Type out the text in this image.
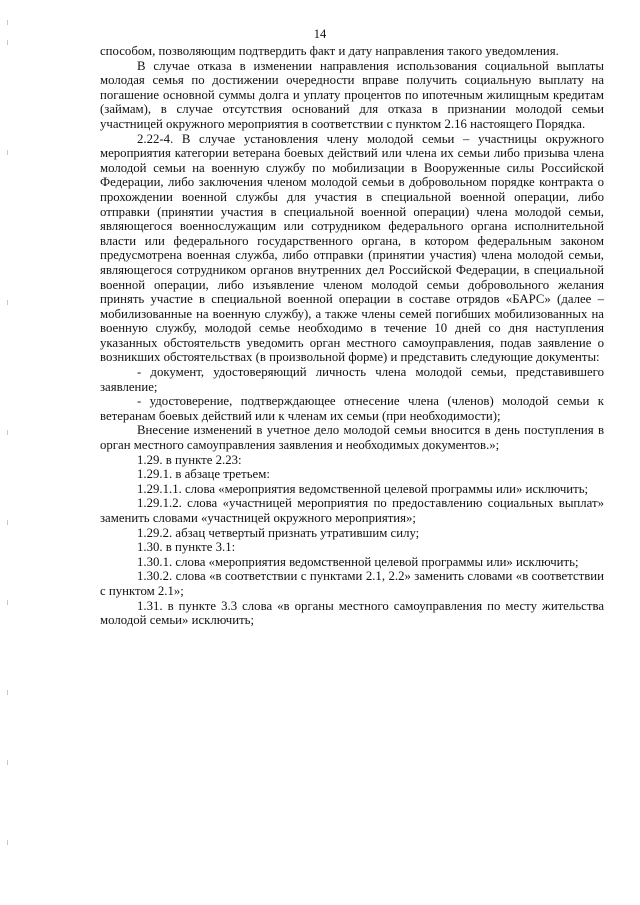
14

способом, позволяющим подтвердить факт и дату направления такого уведомления.

В случае отказа в изменении направления использования социальной выплаты молодая семья по достижении очередности вправе получить социальную выплату на погашение основной суммы долга и уплату процентов по ипотечным жилищным кредитам (займам), в случае отсутствия оснований для отказа в признании молодой семьи участницей окружного мероприятия в соответствии с пунктом 2.16 настоящего Порядка.

2.22-4. В случае установления члену молодой семьи – участницы окружного мероприятия категории ветерана боевых действий или члена их семьи либо призыва члена молодой семьи на военную службу по мобилизации в Вооруженные силы Российской Федерации, либо заключения членом молодой семьи в добровольном порядке контракта о прохождении военной службы для участия в специальной военной операции, либо отправки (принятии участия в специальной военной операции) члена молодой семьи, являющегося военнослужащим или сотрудником федерального органа исполнительной власти или федерального государственного органа, в котором федеральным законом предусмотрена военная служба, либо отправки (принятии участия) члена молодой семьи, являющегося сотрудником органов внутренних дел Российской Федерации, в специальной военной операции, либо изъявление членом молодой семьи добровольного желания принять участие в специальной военной операции в составе отрядов «БАРС» (далее – мобилизованные на военную службу), а также члены семей погибших мобилизованных на военную службу, молодой семье необходимо в течение 10 дней со дня наступления указанных обстоятельств уведомить орган местного самоуправления, подав заявление о возникших обстоятельствах (в произвольной форме) и представить следующие документы:

- документ, удостоверяющий личность члена молодой семьи, представившего заявление;

- удостоверение, подтверждающее отнесение члена (членов) молодой семьи к ветеранам боевых действий или к членам их семьи (при необходимости);

Внесение изменений в учетное дело молодой семьи вносится в день поступления в орган местного самоуправления заявления и необходимых документов.»;

1.29. в пункте 2.23:

1.29.1. в абзаце третьем:

1.29.1.1. слова «мероприятия ведомственной целевой программы или» исключить;

1.29.1.2. слова «участницей мероприятия по предоставлению социальных выплат» заменить словами «участницей окружного мероприятия»;

1.29.2. абзац четвертый признать утратившим силу;

1.30. в пункте 3.1:

1.30.1. слова «мероприятия ведомственной целевой программы или» исключить;

1.30.2. слова «в соответствии с пунктами 2.1, 2.2» заменить словами «в соответствии с пунктом 2.1»;

1.31. в пункте 3.3 слова «в органы местного самоуправления по месту жительства молодой семьи» исключить;
